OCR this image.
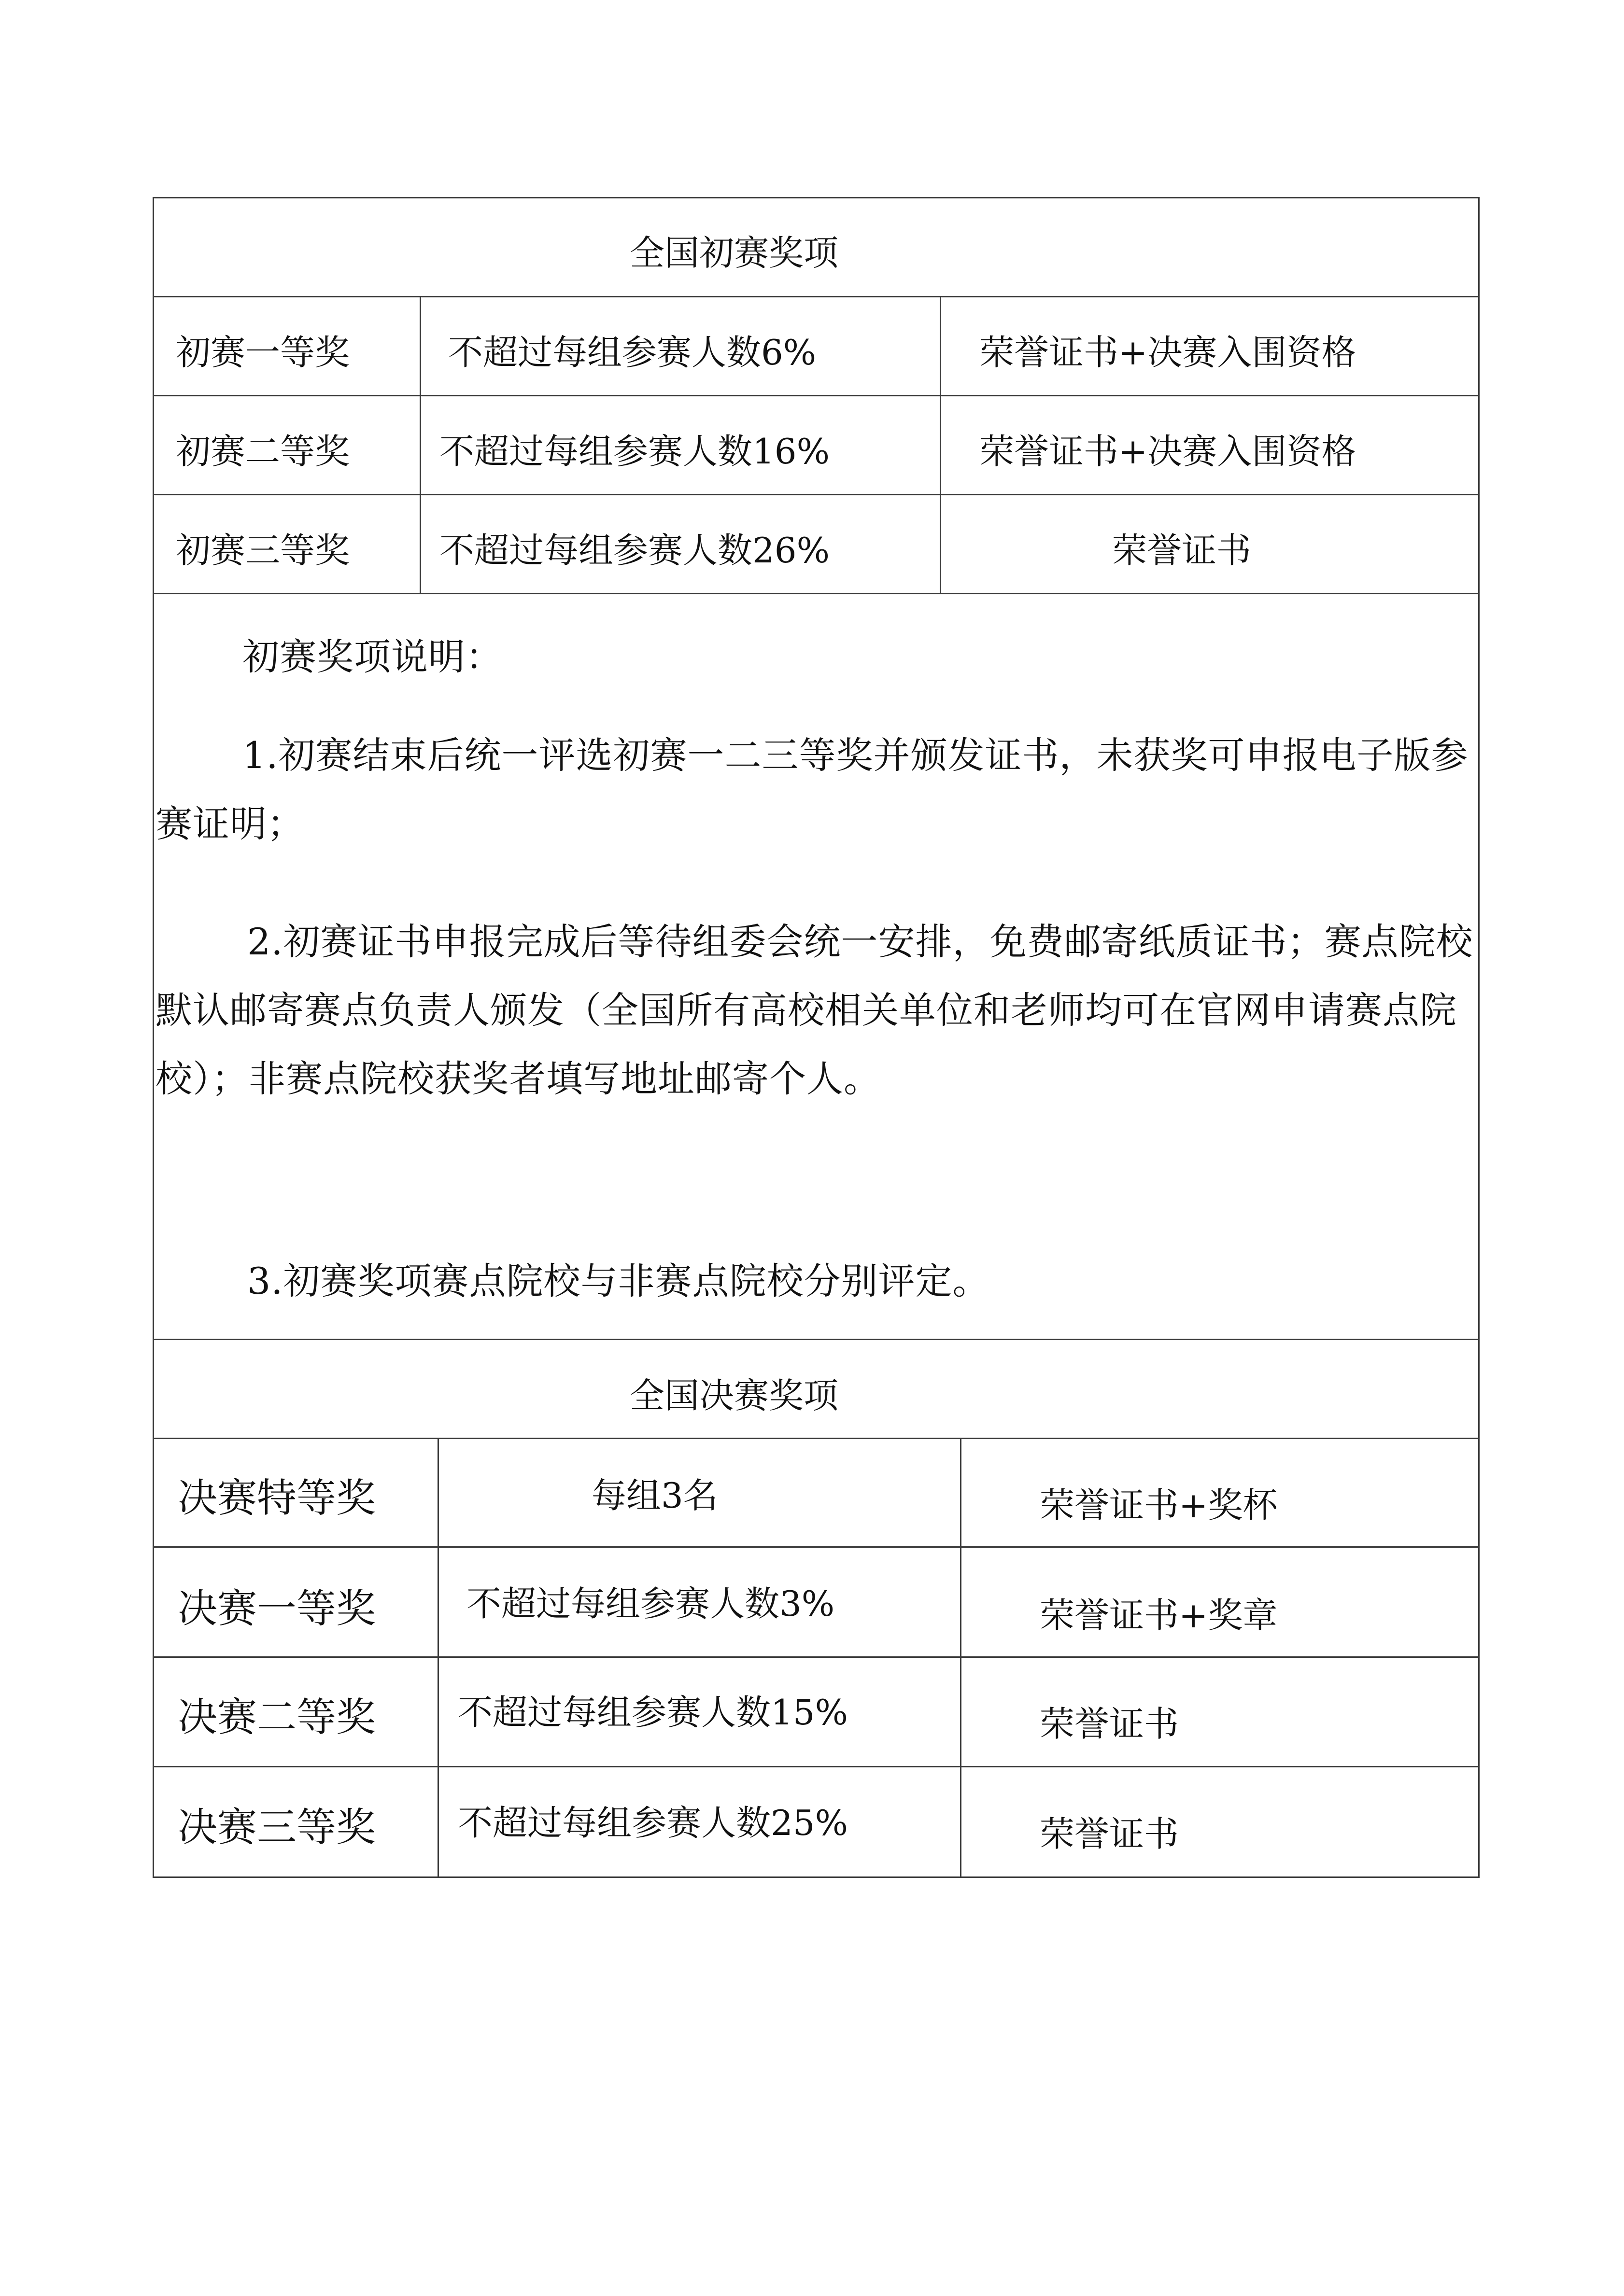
全国初赛奖项
初赛一等奖	不超过每组参赛人数6%	荣誉证书+决赛入围资格
初赛二等奖	不超过每组参赛人数16%	荣誉证书+决赛入围资格
初赛三等奖	不超过每组参赛人数26%	荣誉证书
初赛奖项说明：
1.初赛结束后统一评选初赛一二三等奖并颁发证书，未获奖可申报电子版参赛证明；
2.初赛证书申报完成后等待组委会统一安排，免费邮寄纸质证书；赛点院校默认邮寄赛点负责人颁发（全国所有高校相关单位和老师均可在官网申请赛点院校）；非赛点院校获奖者填写地址邮寄个人。
3.初赛奖项赛点院校与非赛点院校分别评定。
全国决赛奖项
决赛特等奖	每组3名	荣誉证书+奖杯
决赛一等奖	不超过每组参赛人数3%	荣誉证书+奖章
决赛二等奖 不超过每组参赛人数15%	荣誉证书
决赛三等奖 不超过每组参赛人数25%	荣誉证书
